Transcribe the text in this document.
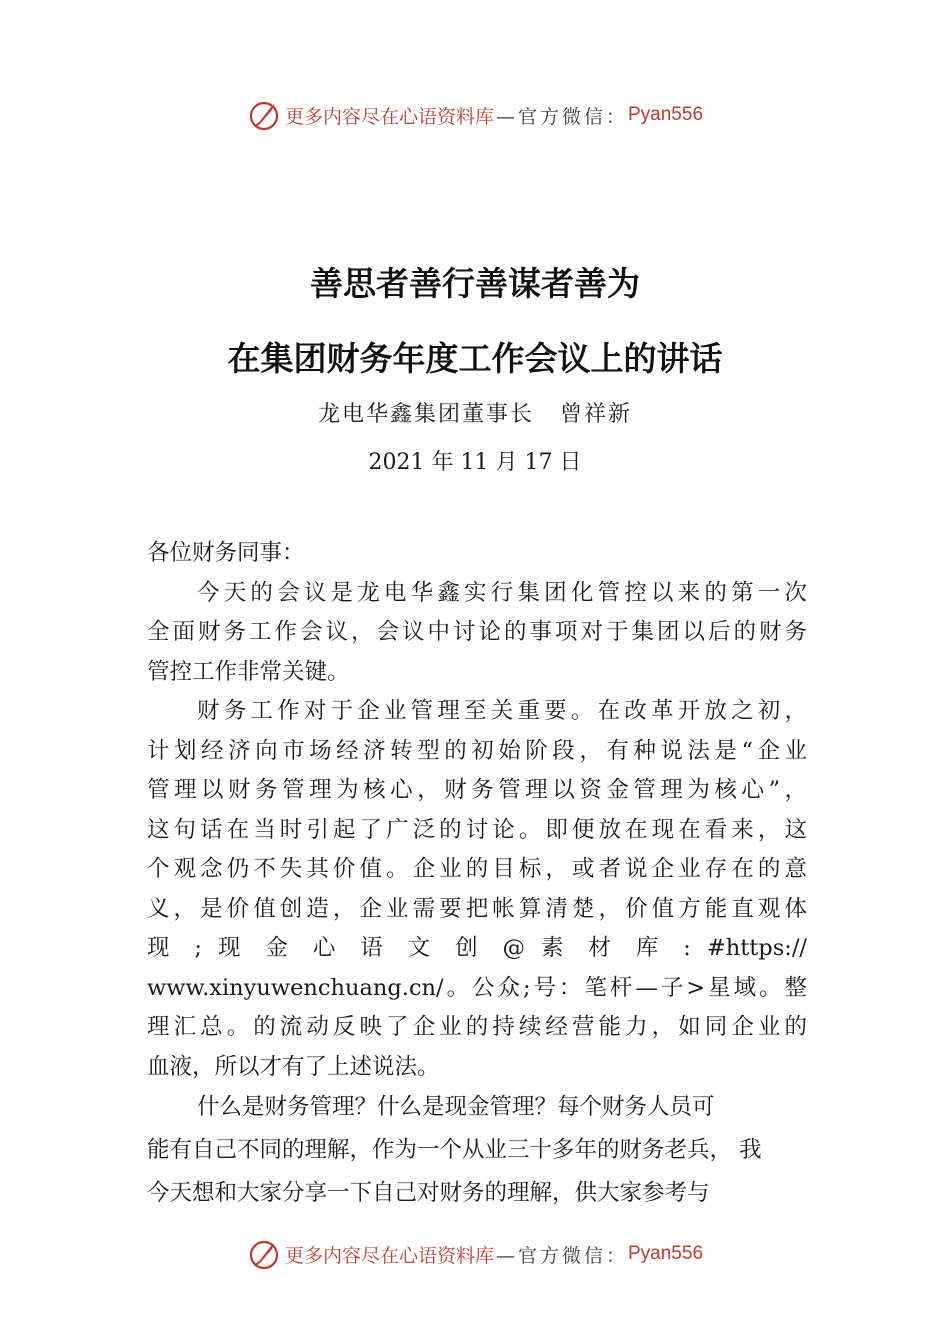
更多内容尽在心语资料库 —官方微信： Pyan556
善思者善行善谋者善为
在集团财务年度工作会议上的讲话
龙电华鑫集团董事长 曾祥新
2021 年 11 月 17 日
各位财务同事：
今天的会议是龙电华鑫实行集团化管控以来的第一次
全面财务工作会议，会议中讨论的事项对于集团以后的财务
管控工作非常关键。
财务工作对于企业管理至关重要。在改革开放之初，
计划经济向市场经济转型的初始阶段，有种说法是“企业
管理以财务管理为核心，财务管理以资金管理为核心”，
这句话在当时引起了广泛的讨论。即便放在现在看来，这
个观念仍不失其价值。企业的目标，或者说企业存在的意
义，是价值创造，企业需要把帐算清楚，价值方能直观体
现 ; 现 金 心 语 文 创 @ 素 材 库 : #https://
www.xinyuwenchuang.cn/。公众;号：笔杆—子>星域。整
理汇总。的流动反映了企业的持续经营能力，如同企业的
血液，所以才有了上述说法。
什么是财务管理？什么是现金管理？每个财务人员可
能有自己不同的理解，作为一个从业三十多年的财务老兵， 我
今天想和大家分享一下自己对财务的理解，供大家参考与
更多内容尽在心语资料库 —官方微信： Pyan556
